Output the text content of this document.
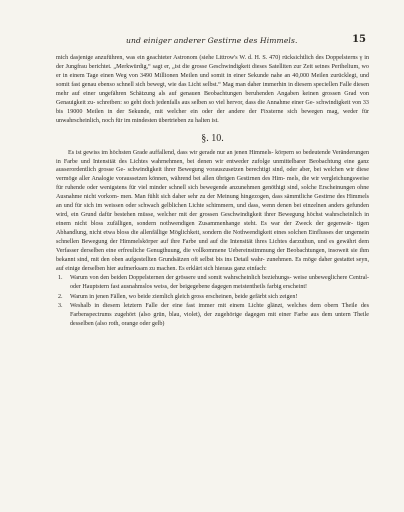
und einiger anderer Gestirne des Himmels.	15

mich dasjenige anzuführen, was ein geachteter Astronom (siehe Littrow's W. d. H. S. 470) rücksichtlich des Doppelsterns γ in der Jungfrau berichtet. „Merkwürdig,“ sagt er, „ist die grosse Geschwindigkeit dieses Satelliten zur Zeit seines Perihelium, wo er in einem Tage einen Weg von 3490 Millionen Meilen und somit in einer Sekunde nahe an 40,000 Meilen zurücklegt, und somit fast genau ebenso schnell sich bewegt, wie das Licht selbst.“ Mag man daher immerhin in diesem speciellen Falle diesen mehr auf einer ungefähren Schätzung als auf genauen Beobachtungen beruhenden Angaben keinen grossen Grad von Genauigkeit zu- schreiben: so geht doch jedenfalls aus selben so viel hervor, dass die Annahme einer Ge- schwindigkeit von 33 bis 19000 Meilen in der Sekunde, mit welcher ein oder der andere der Fixsterne sich bewegen mag, weder für unwahrscheinlich, noch für im mindesten übertrieben zu halten ist.

§. 10.

Es ist gewiss im höchsten Grade auffallend, dass wir gerade nur an jenen Himmels- körpern so bedeutende Veränderungen in Farbe und Intensität des Lichtes wahrnehmen, bei denen wir entweder zufolge unmittelbarer Beobachtung eine ganz ausserordentlich grosse Ge- schwindigkeit ihrer Bewegung vorauszusetzen berechtigt sind, oder aber, bei welchen wir diese vermöge aller Analogie voraussetzen können, während bei allen übrigen Gestirnen des Him- mels, die wir vergleichungsweise für ruhende oder wenigstens für viel minder schnell sich bewegende anzunehmen genöthigt sind, solche Erscheinungen ohne Ausnahme nicht vorkom- men. Man fühlt sich daher sehr zu der Meinung hingezogen, dass sämmtliche Gestirne des Himmels an und für sich im weissen oder schwach gelblichen Lichte schimmern, und dass, wenn denen bei einzelnen anders gefunden wird, ein Grund dafür bestehen müsse, welcher mit der grossen Geschwindigkeit ihrer Bewegung höchst wahrscheinlich in einem nicht bloss zufälligen, sondern nothwendigen Zusammenhange steht. Es war der Zweck der gegenwär- tigen Abhandlung, nicht etwa bloss die allenfällige Möglichkeit, sondern die Nothwendigkeit eines solchen Einflusses der ungemein schnellen Bewegung der Himmelskörper auf ihre Farbe und auf die Intensität ihres Lichtes darzuthun, und es gewährt dem Verfasser derselben eine erfreuliche Genugthuung, die vollkommene Uebereinstimmung der Beobachtungen, insoweit sie ihm bekannt sind, mit den oben aufgestellten Grundsätzen oft selbst bis ins Detail wahr- zunehmen. Es möge daher gestattet seyn, auf einige derselben hier aufmerksam zu machen. Es erklärt sich hieraus ganz einfach:

1. Warum von den beiden Doppelsternen der grössere und somit wahrscheinlich beziehungs- weise unbeweglichere Central- oder Hauptstern fast ausnahmslos weiss, der beigegebene dagegen meistentheils farbig erscheint!
2. Warum in jenen Fällen, wo beide ziemlich gleich gross erscheinen, beide gefärbt sich zeigen!
3. Weshalb in diesem letztern Falle der eine fast immer mit einem Lichte glänzt, welches dem obern Theile des Farbenspectrums zugehört (also grün, blau, violet), der zugehörige dagegen mit einer Farbe aus dem untern Theile desselben (also roth, orange oder gelb)
